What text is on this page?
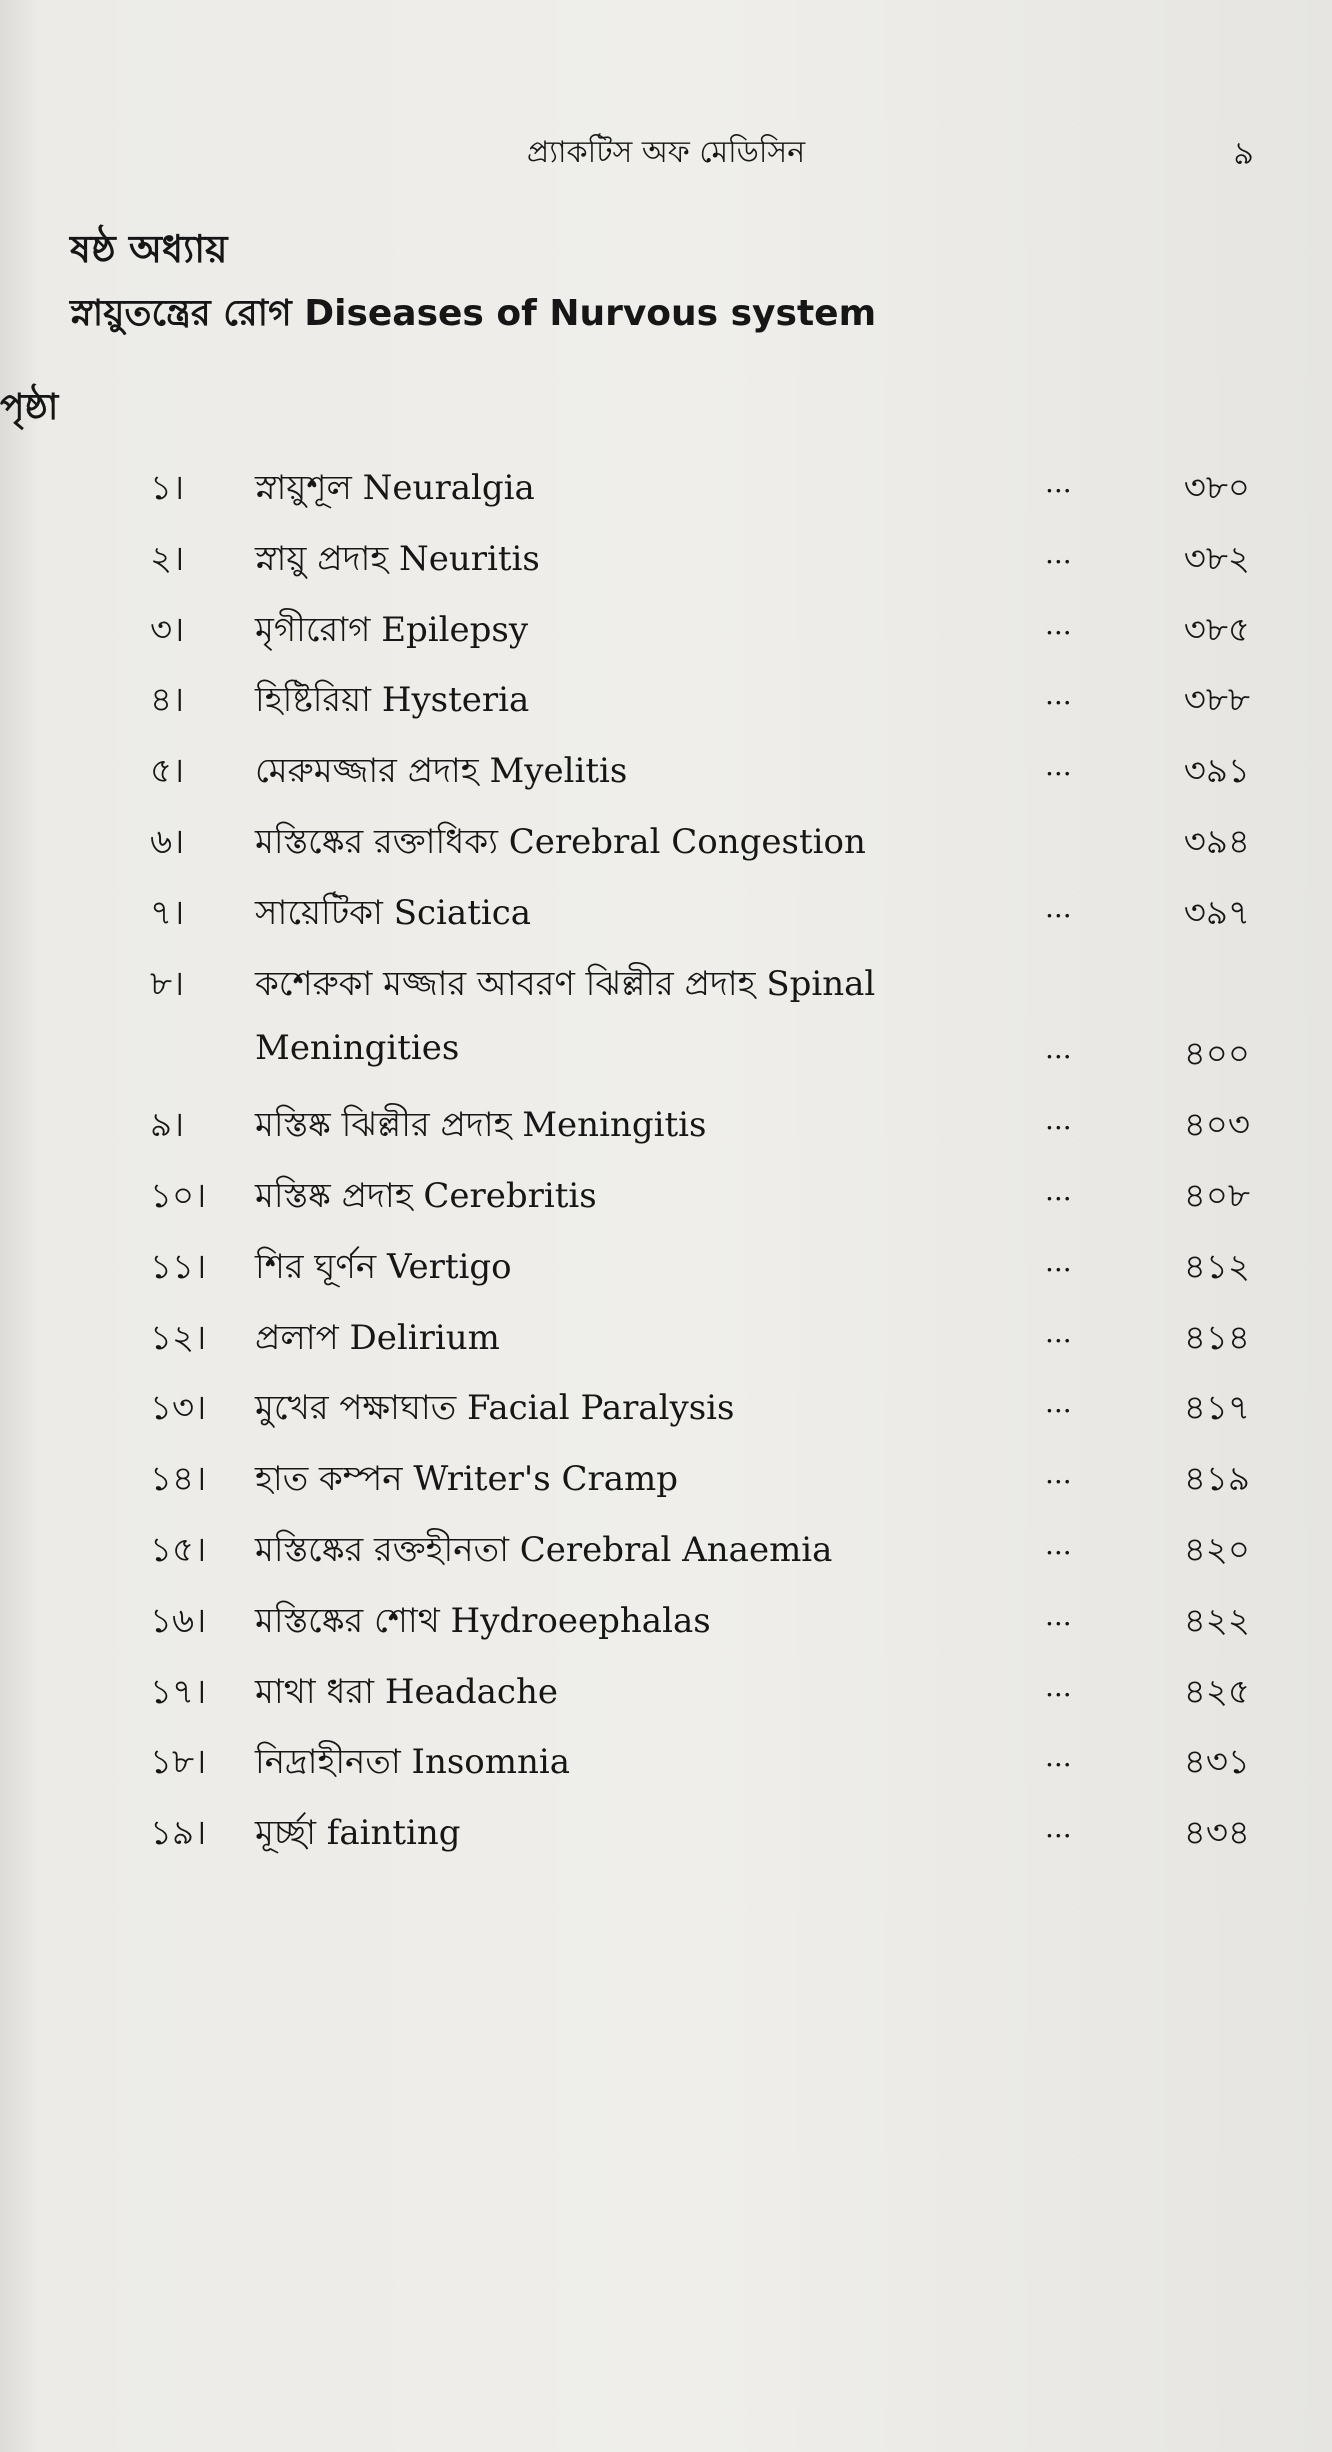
প্র্যাকটিস অফ মেডিসিন	৯
ষষ্ঠ অধ্যায়
স্নায়ুতন্ত্রের রোগ Diseases of Nurvous system
পৃষ্ঠা
১। স্নায়ুশূল Neuralgia	...	৩৮০
২। স্নায়ু প্রদাহ Neuritis	...	৩৮২
৩। মৃগীরোগ Epilepsy	...	৩৮৫
৪। হিষ্টিরিয়া Hysteria	...	৩৮৮
৫। মেরুমজ্জার প্রদাহ Myelitis	...	৩৯১
৬। মস্তিষ্কের রক্তাধিক্য Cerebral Congestion	৩৯৪
৭। সায়েটিকা Sciatica	...	৩৯৭
৮। কশেরুকা মজ্জার আবরণ ঝিল্লীর প্রদাহ Spinal
Meningities	...	৪০০
৯। মস্তিষ্ক ঝিল্লীর প্রদাহ Meningitis	...	৪০৩
১০। মস্তিষ্ক প্রদাহ Cerebritis	...	৪০৮
১১। শির ঘূর্ণন Vertigo	...	৪১২
১২। প্রলাপ Delirium	...	৪১৪
১৩। মুখের পক্ষাঘাত Facial Paralysis	...	৪১৭
১৪। হাত কম্পন Writer's Cramp	...	৪১৯
১৫। মস্তিষ্কের রক্তহীনতা Cerebral Anaemia	...	৪২০
১৬। মস্তিষ্কের শোথ Hydroeephalas	...	৪২২
১৭। মাথা ধরা Headache	...	৪২৫
১৮। নিদ্রাহীনতা Insomnia	...	৪৩১
১৯। মূর্চ্ছা fainting	...	৪৩৪
